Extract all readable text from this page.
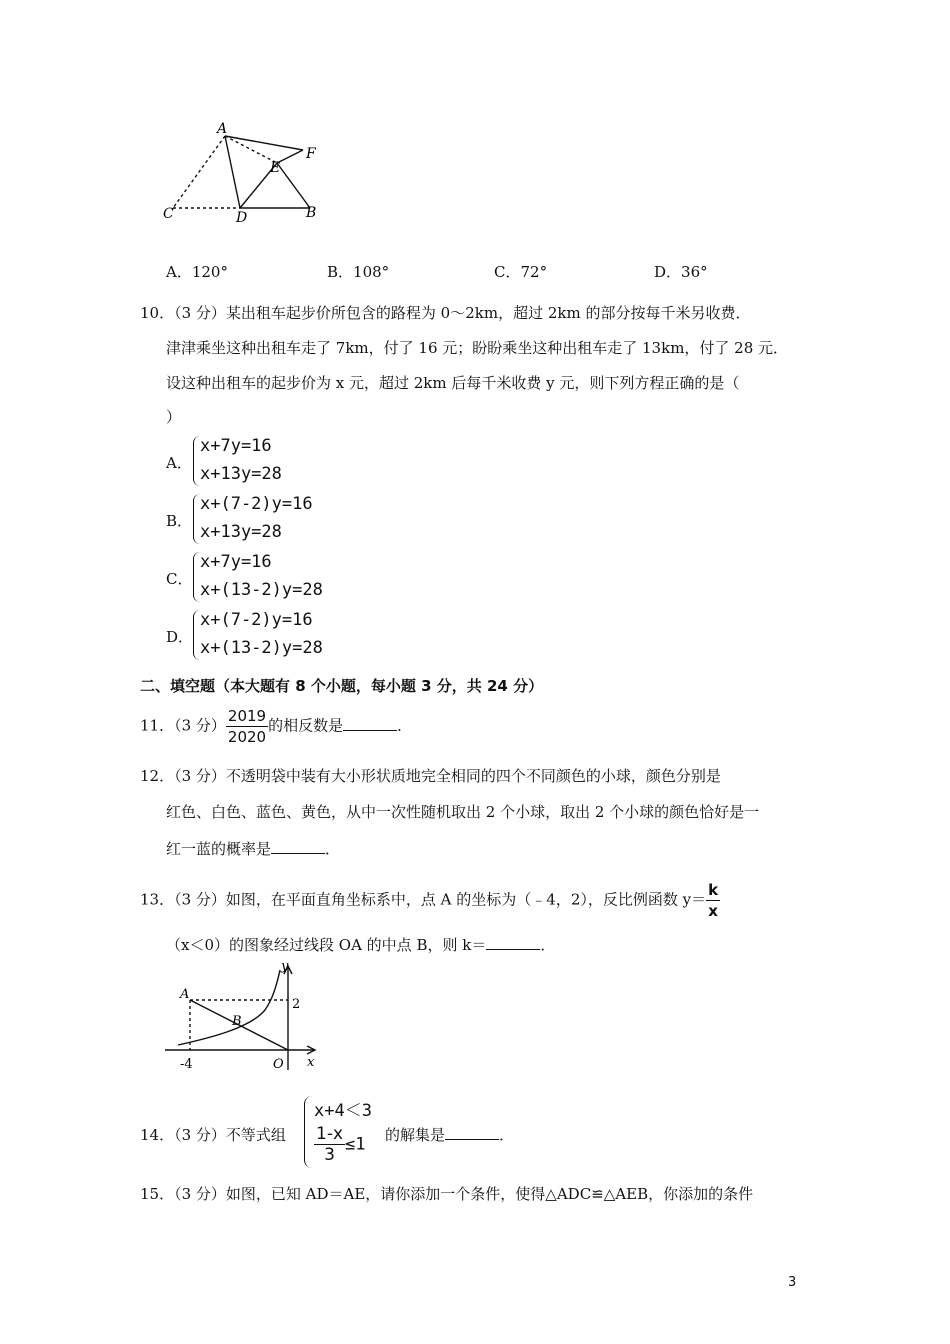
A
C	D
E
F
B
A．120°	B．108°	C．72°	D．36°
10．（3 分）某出租车起步价所包含的路程为 0～2km，超过 2km 的部分按每千米另收费．
津津乘坐这种出租车走了 7km，付了 16 元；盼盼乘坐这种出租车走了 13km，付了 28 元．
设这种出租车的起步价为 x 元，超过 2km 后每千米收费 y 元，则下列方程正确的是（
）
A．
x+7y=16
x+13y=28
B．
x+(7-2)y=16
x+13y=28
C．
x+7y=16
x+(13-2)y=28
D．
x+(7-2)y=16
x+(13-2)y=28
二、填空题（本大题有 8 个小题，每小题 3 分，共 24 分）
11．（3 分） $\frac{2019}{2020}$ 的相反数是	．
12．（3 分）不透明袋中装有大小形状质地完全相同的四个不同颜色的小球，颜色分别是
红色、白色、蓝色、黄色，从中一次性随机取出 2 个小球，取出 2 个小球的颜色恰好是一
红一蓝的概率是	．
13．（3 分）如图，在平面直角坐标系中，点 A 的坐标为（﹣4，2），反比例函数 $y= \frac{k}{x}$
（x＜0）的图象经过线段 OA 的中点 B，则 k＝	．
y
A
B
2
-4	O x
14．（3 分）不等式组
x+4＜3
$\frac{1-x}{3} \le 1$ 的解集是	．
15．（3 分）如图，已知 AD＝AE，请你添加一个条件，使得△ADC≌△AEB，你添加的条件
3
